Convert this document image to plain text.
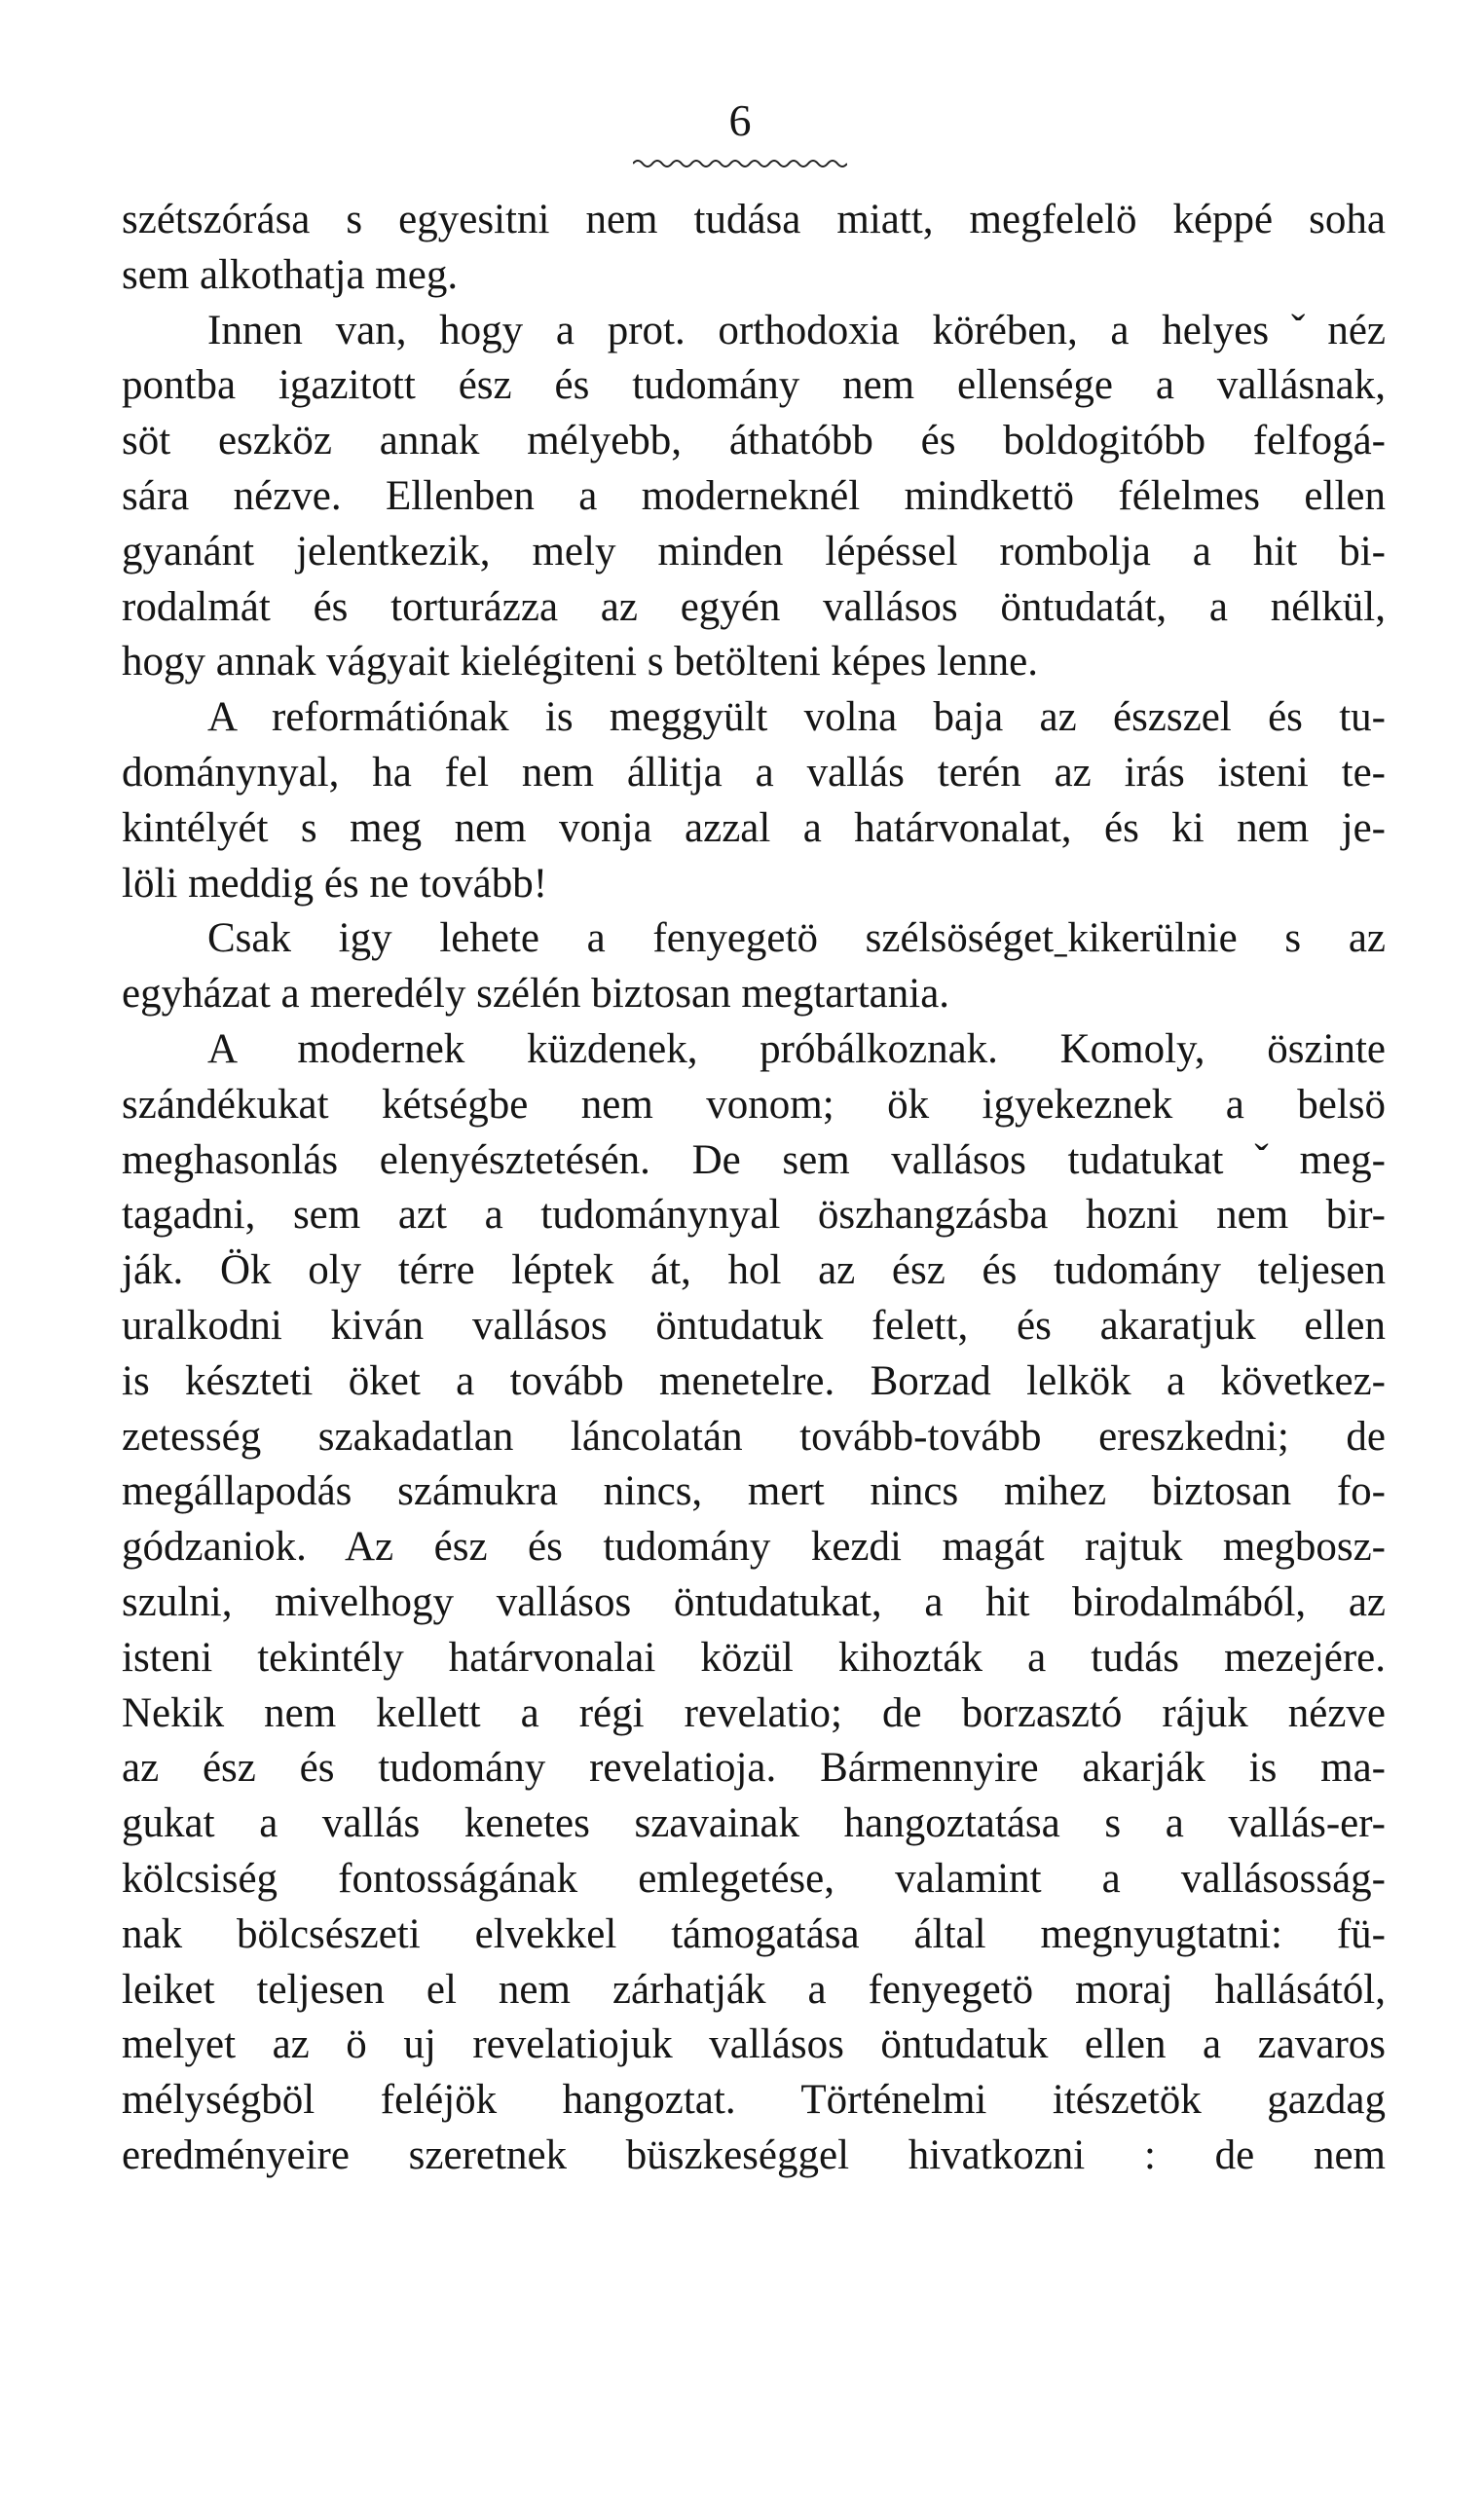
6
szétszórása s egyesitni nem tudása miatt, megfelelö képpé soha
sem alkothatja meg.
Innen van, hogy a prot. orthodoxia körében, a helyesˇnéz
pontba igazitott ész és tudomány nem ellensége a vallásnak,
söt eszköz annak mélyebb, áthatóbb és boldogitóbb felfogá-
sára nézve. Ellenben a moderneknél mindkettö félelmes ellen
gyanánt jelentkezik, mely minden lépéssel rombolja a hit bi-
rodalmát és torturázza az egyén vallásos öntudatát, a nélkül,
hogy annak vágyait kielégiteni s betölteni képes lenne.
A reformátiónak is meggyült volna baja az észszel és tu-
dománynyal, ha fel nem állitja a vallás terén az irás isteni te-
kintélyét s meg nem vonja azzal a határvonalat, és ki nem je-
löli meddig és ne tovább!
Csak igy lehete a fenyegetö szélsöségetˍkikerülnie s az
egyházat a meredély szélén biztosan megtartania.
A modernek küzdenek, próbálkoznak. Komoly, öszinte
szándékukat kétségbe nem vonom; ök igyekeznek a belsö
meghasonlás elenyésztetésén. De sem vallásos tudatukatˇmeg-
tagadni, sem azt a tudománynyal öszhangzásba hozni nem bir-
ják. Ök oly térre léptek át, hol az ész és tudomány teljesen
uralkodni kiván vallásos öntudatuk felett, és akaratjuk ellen
is készteti öket a tovább menetelre. Borzad lelkök a következ-
zetesség szakadatlan láncolatán tovább-tovább ereszkedni; de
megállapodás számukra nincs, mert nincs mihez biztosan fo-
gódzaniok. Az ész és tudomány kezdi magát rajtuk megbosz-
szulni, mivelhogy vallásos öntudatukat, a hit birodalmából, az
isteni tekintély határvonalai közül kihozták a tudás mezejére.
Nekik nem kellett a régi revelatio; de borzasztó rájuk nézve
az ész és tudomány revelatioja. Bármennyire akarják is ma-
gukat a vallás kenetes szavainak hangoztatása s a vallás-er-
kölcsiség fontosságának emlegetése, valamint a vallásosság-
nak bölcsészeti elvekkel támogatása által megnyugtatni: fü-
leiket teljesen el nem zárhatják a fenyegetö moraj hallásától,
melyet az ö uj revelatiojuk vallásos öntudatuk ellen a zavaros
mélységböl feléjök hangoztat. Történelmi itészetök gazdag
eredményeire szeretnek büszkeséggel hivatkozni : de nem
